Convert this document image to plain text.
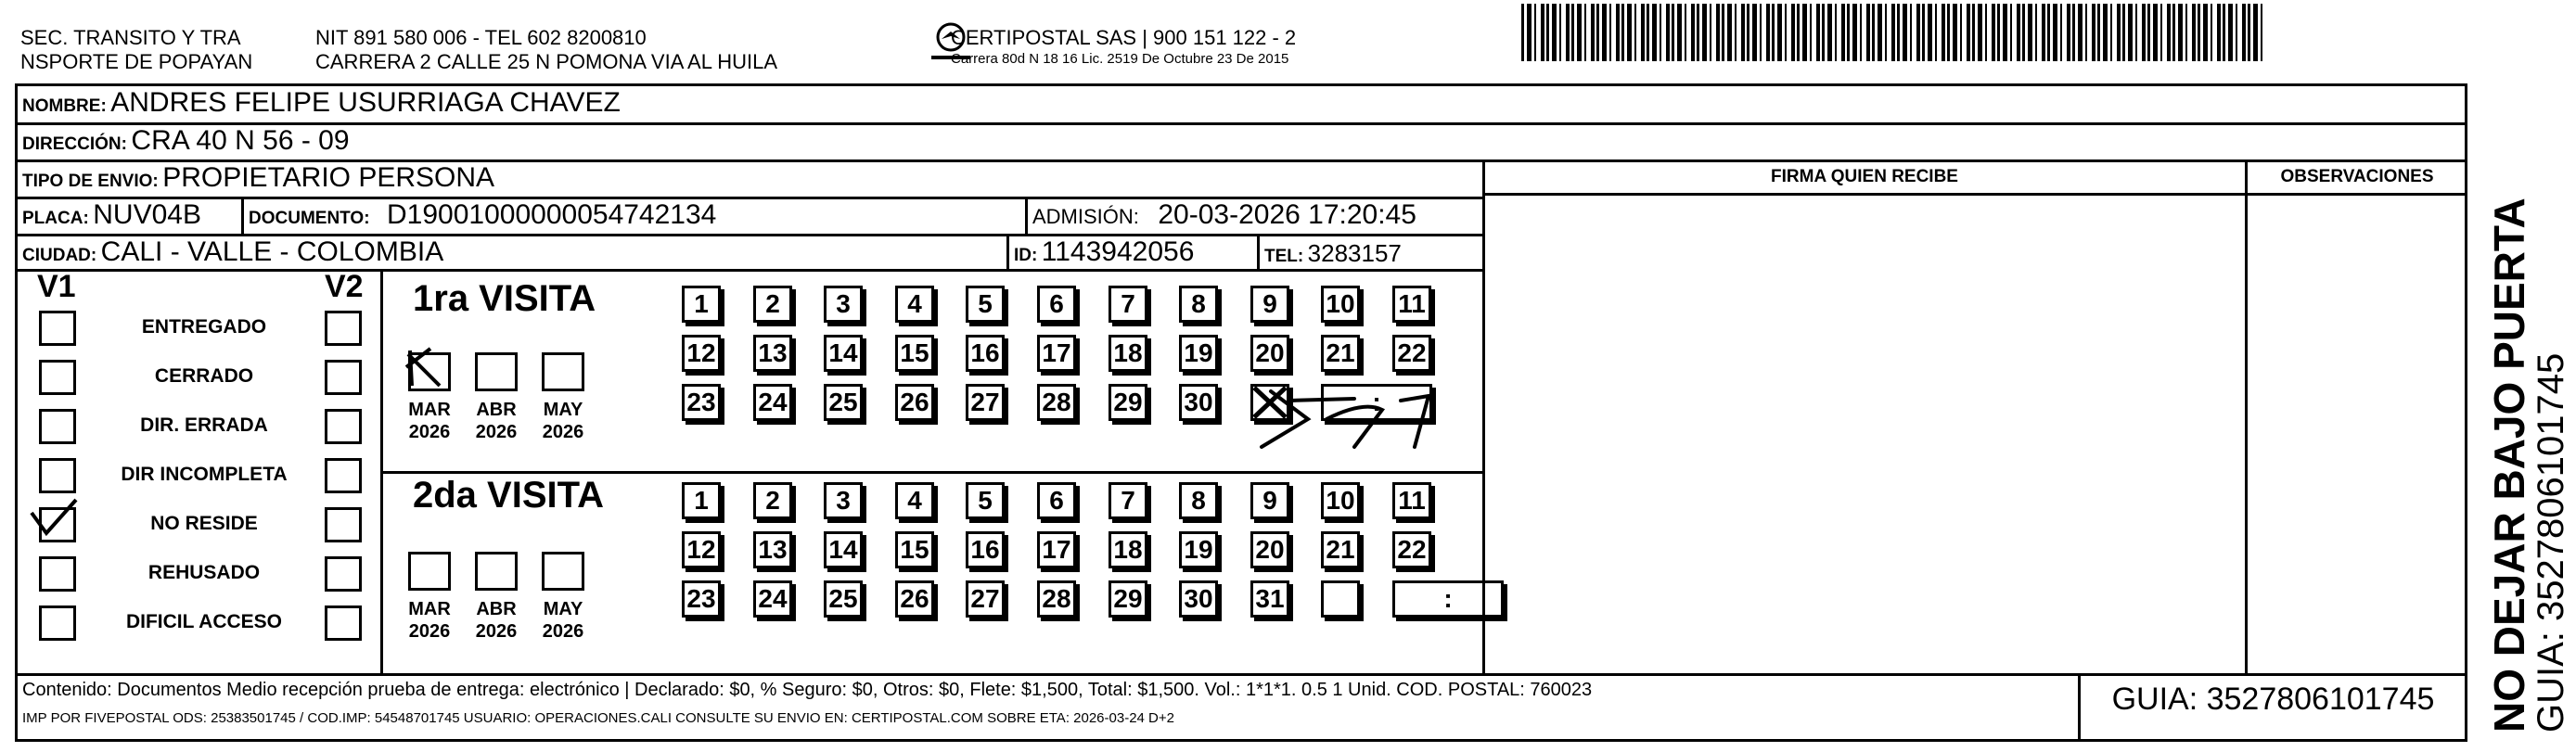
SEC. TRANSITO Y TRA
NSPORTE DE POPAYAN
NIT 891 580 006 - TEL 602 8200810
CARRERA 2 CALLE 25 N POMONA VIA AL HUILA
CERTIPOSTAL SAS | 900 151 122 - 2
Carrera 80d N 18 16 Lic. 2519 De Octubre 23 De 2015
NOMBRE: ANDRES FELIPE USURRIAGA CHAVEZ
DIRECCIÓN: CRA 40 N 56 - 09
TIPO DE ENVIO: PROPIETARIO PERSONA	FIRMA QUIEN RECIBE	OBSERVACIONES
PLACA: NUV04B	DOCUMENTO: D19001000000054742134	ADMISIÓN: 20-03-2026 17:20:45
CIUDAD: CALI - VALLE - COLOMBIA	ID: 1143942056	TEL: 3283157
V1	V2
ENTREGADO
CERRADO
DIR. ERRADA
DIR INCOMPLETA
NO RESIDE
REHUSADO
DIFICIL ACCESO
1ra VISITA
2da VISITA
MAR
2026
ABR
2026
MAY
2026
MAR
2026
ABR
2026
MAY
2026
1	2	3	4	5	6	7	8	9	10 11
12 13 14 15 16 17 18 19 20 21 22
23 24 25 26 27 28 29 30	:
1	2	3	4	5	6	7	8	9	10 11
12 13 14 15 16 17 18 19 20 21 22
23 24 25 26 27 28 29 30 31	:
Contenido: Documentos Medio recepción prueba de entrega: electrónico | Declarado: $0, % Seguro: $0, Otros: $0, Flete: $1,500, Total: $1,500. Vol.: 1*1*1. 0.5 1 Unid. COD. POSTAL: 760023
IMP POR FIVEPOSTAL ODS: 25383501745 / COD.IMP: 54548701745 USUARIO: OPERACIONES.CALI CONSULTE SU ENVIO EN: CERTIPOSTAL.COM SOBRE ETA: 2026-03-24 D+2
GUIA: 3527806101745	NO DEJAR BAJO PUERTA
GUIA: 3527806101745
